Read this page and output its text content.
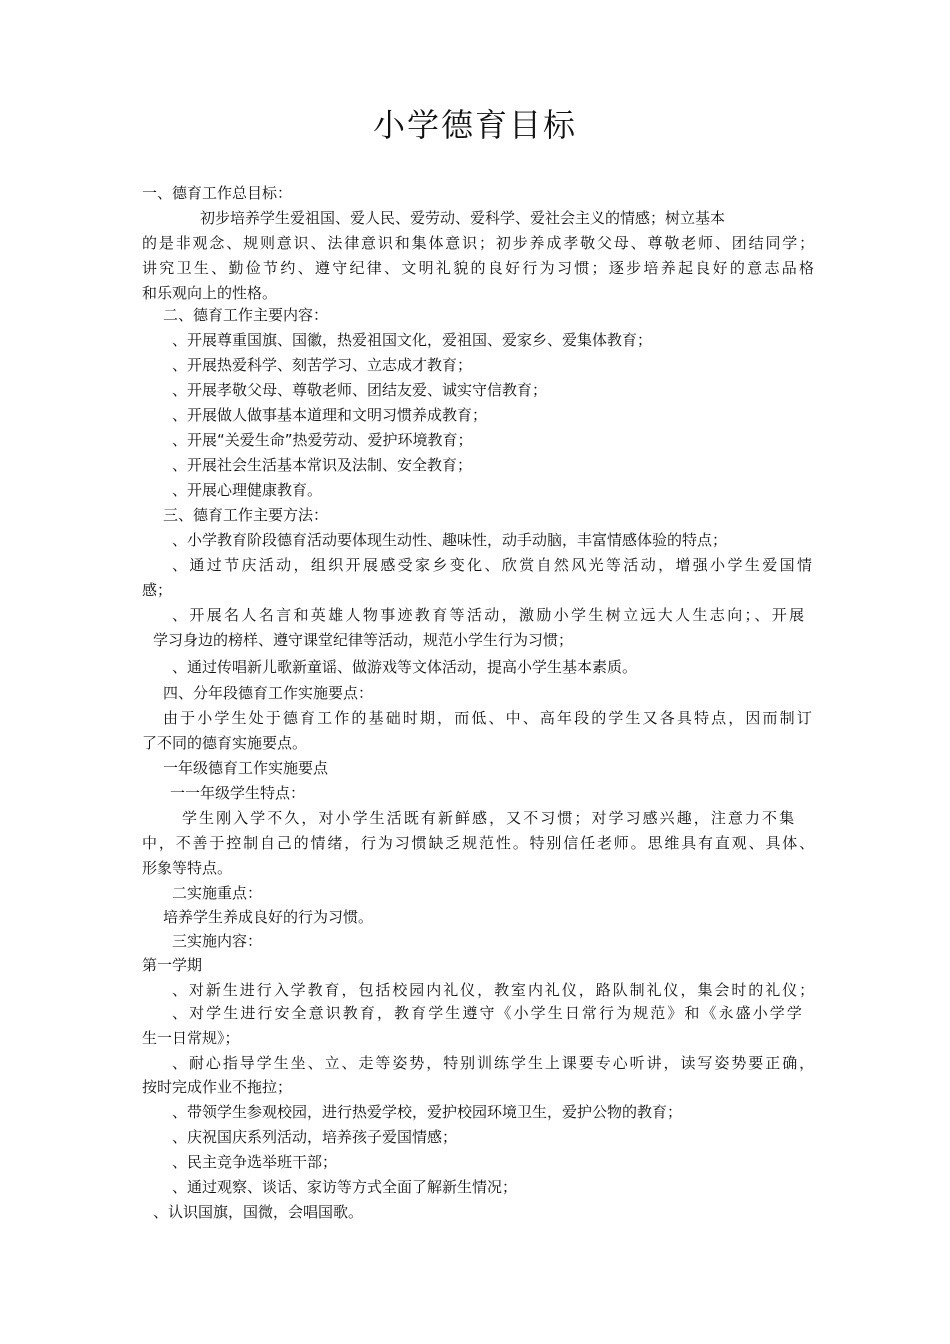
小学德育目标
一、德育工作总目标：
初步培养学生爱祖国、爱人民、爱劳动、爱科学、爱社会主义的情感；树立基本
的是非观念、规则意识、法律意识和集体意识；初步养成孝敬父母、尊敬老师、团结同学；
讲究卫生、勤俭节约、遵守纪律、文明礼貌的良好行为习惯；逐步培养起良好的意志品格
和乐观向上的性格。
二、德育工作主要内容：
、开展尊重国旗、国徽，热爱祖国文化，爱祖国、爱家乡、爱集体教育；
、开展热爱科学、刻苦学习、立志成才教育；
、开展孝敬父母、尊敬老师、团结友爱、诚实守信教育；
、开展做人做事基本道理和文明习惯养成教育；
、开展“关爱生命”热爱劳动、爱护环境教育；
、开展社会生活基本常识及法制、安全教育；
、开展心理健康教育。
三、德育工作主要方法：
、小学教育阶段德育活动要体现生动性、趣味性，动手动脑，丰富情感体验的特点；
、通过节庆活动，组织开展感受家乡变化、欣赏自然风光等活动，增强小学生爱国情
感；
、开展名人名言和英雄人物事迹教育等活动，激励小学生树立远大人生志向；、开展
学习身边的榜样、遵守课堂纪律等活动，规范小学生行为习惯；
、通过传唱新儿歌新童谣、做游戏等文体活动，提高小学生基本素质。
四、分年段德育工作实施要点：
由于小学生处于德育工作的基础时期，而低、中、高年段的学生又各具特点，因而制订
了不同的德育实施要点。
一年级德育工作实施要点
一一年级学生特点：
学生刚入学不久，对小学生活既有新鲜感，又不习惯；对学习感兴趣，注意力不集
中，不善于控制自己的情绪，行为习惯缺乏规范性。特别信任老师。思维具有直观、具体、
形象等特点。
二实施重点：
培养学生养成良好的行为习惯。
三实施内容：
第一学期
、对新生进行入学教育，包括校园内礼仪，教室内礼仪，路队制礼仪，集会时的礼仪；
、对学生进行安全意识教育，教育学生遵守《小学生日常行为规范》和《永盛小学学
生一日常规》；
、耐心指导学生坐、立、走等姿势，特别训练学生上课要专心听讲，读写姿势要正确，
按时完成作业不拖拉；
、带领学生参观校园，进行热爱学校，爱护校园环境卫生，爱护公物的教育；
、庆祝国庆系列活动，培养孩子爱国情感；
、民主竞争选举班干部；
、通过观察、谈话、家访等方式全面了解新生情况；
、认识国旗，国微，会唱国歌。
